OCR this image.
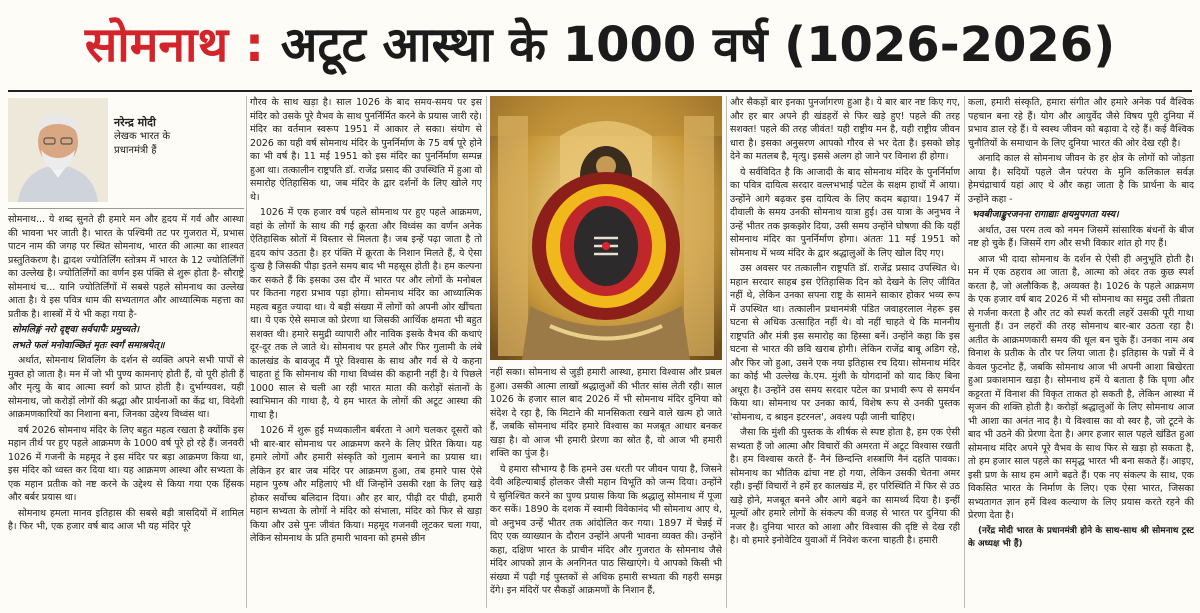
सोमनाथ : अटूट आस्था के 1000 वर्ष (1026-2026)
नरेन्द्र मोदी
लेखक भारत के
प्रधानमंत्री हैं

सोमनाथ... ये शब्द सुनते ही हमारे मन और हृदय में गर्व और आस्था की भावना भर जाती है। भारत के पश्चिमी तट पर गुजरात में, प्रभास पाटन नाम की जगह पर स्थित सोमनाथ, भारत की आत्मा का शाश्वत प्रस्तुतिकरण है। द्वादश ज्योतिर्लिंग स्तोत्रम में भारत के 12 ज्योतिर्लिंगों का उल्लेख है। ज्योतिर्लिंगों का वर्णन इस पंक्ति से शुरू होता है- सौराष्ट्रे सोमनाथं च... यानि ज्योतिर्लिंगों में सबसे पहले सोमनाथ का उल्लेख आता है। ये इस पवित्र धाम की सभ्यतागत और आध्यात्मिक महत्ता का प्रतीक है। शास्त्रों में ये भी कहा गया है-

सोमलिङ्गं नरो दृष्ट्वा सर्वपापैः प्रमुच्यते।

लभते फलं मनोवाञ्छितं मृतः स्वर्गं समाश्रयेत्॥

अर्थात, सोमनाथ शिवलिंग के दर्शन से व्यक्ति अपने सभी पापों से मुक्त हो जाता है। मन में जो भी पुण्य कामनाएं होती हैं, वो पूरी होती हैं और मृत्यु के बाद आत्मा स्वर्ग को प्राप्त होती है। दुर्भाग्यवश, यही सोमनाथ, जो करोड़ों लोगों की श्रद्धा और प्रार्थनाओं का केंद्र था, विदेशी आक्रमणकारियों का निशाना बना, जिनका उद्देश्य विध्वंस था।

वर्ष 2026 सोमनाथ मंदिर के लिए बहुत महत्व रखता है क्योंकि इस महान तीर्थ पर हुए पहले आक्रमण के 1000 वर्ष पूरे हो रहे हैं। जनवरी 1026 में गजनी के महमूद ने इस मंदिर पर बड़ा आक्रमण किया था, इस मंदिर को ध्वस्त कर दिया था। यह आक्रमण आस्था और सभ्यता के एक महान प्रतीक को नष्ट करने के उद्देश्य से किया गया एक हिंसक और बर्बर प्रयास था।

सोमनाथ हमला मानव इतिहास की सबसे बड़ी त्रासदियों में शामिल है। फिर भी, एक हजार वर्ष बाद आज भी यह मंदिर पूरे

गौरव के साथ खड़ा है। साल 1026 के बाद समय-समय पर इस मंदिर को उसके पूरे वैभव के साथ पुनर्निर्मित करने के प्रयास जारी रहे। मंदिर का वर्तमान स्वरूप 1951 में आकार ले सका। संयोग से 2026 का यही वर्ष सोमनाथ मंदिर के पुनर्निर्माण के 75 वर्ष पूरे होने का भी वर्ष है। 11 मई 1951 को इस मंदिर का पुनर्निर्माण सम्पन्न हुआ था। तत्कालीन राष्ट्रपति डॉ. राजेंद्र प्रसाद की उपस्थिति में हुआ वो समारोह ऐतिहासिक था, जब मंदिर के द्वार दर्शनों के लिए खोले गए थे।

1026 में एक हजार वर्ष पहले सोमनाथ पर हुए पहले आक्रमण, वहां के लोगों के साथ की गई क्रूरता और विध्वंस का वर्णन अनेक ऐतिहासिक स्रोतों में विस्तार से मिलता है। जब इन्हें पढ़ा जाता है तो हृदय कांप उठता है। हर पंक्ति में क्रूरता के निशान मिलते हैं, ये ऐसा दुःख है जिसकी पीड़ा इतने समय बाद भी महसूस होती है। हम कल्पना कर सकते हैं कि इसका उस दौर में भारत पर और लोगों के मनोबल पर कितना गहरा प्रभाव पड़ा होगा। सोमनाथ मंदिर का आध्यात्मिक महत्व बहुत ज्यादा था। ये बड़ी संख्या में लोगों को अपनी ओर खींचता था। ये एक ऐसे समाज को प्रेरणा था जिसकी आर्थिक क्षमता भी बहुत सशक्त थी। हमारे समुद्री व्यापारी और नाविक इसके वैभव की कथाएं दूर-दूर तक ले जाते थे। सोमनाथ पर हमले और फिर गुलामी के लंबे कालखंड के बावजूद मैं पूरे विश्वास के साथ और गर्व से ये कहना चाहता हूं कि सोमनाथ की गाथा विध्वंस की कहानी नहीं है। ये पिछले 1000 साल से चली आ रही भारत माता की करोड़ों संतानों के स्वाभिमान की गाथा है, ये हम भारत के लोगों की अटूट आस्था की गाथा है।

1026 में शुरू हुई मध्यकालीन बर्बरता ने आगे चलकर दूसरों को भी बार-बार सोमनाथ पर आक्रमण करने के लिए प्रेरित किया। यह हमारे लोगों और हमारी संस्कृति को गुलाम बनाने का प्रयास था। लेकिन हर बार जब मंदिर पर आक्रमण हुआ, तब हमारे पास ऐसे महान पुरुष और महिलाएं भी थीं जिन्होंने उसकी रक्षा के लिए खड़े होकर सर्वोच्च बलिदान दिया। और हर बार, पीढ़ी दर पीढ़ी, हमारी महान सभ्यता के लोगों ने मंदिर को संभाला, मंदिर को फिर से खड़ा किया और उसे पुनः जीवंत किया। महमूद गजनवी लूटकर चला गया, लेकिन सोमनाथ के प्रति हमारी भावना को हमसे छीन

नहीं सका। सोमनाथ से जुड़ी हमारी आस्था, हमारा विश्वास और प्रबल हुआ। उसकी आत्मा लाखों श्रद्धालुओं की भीतर सांस लेती रही। साल 1026 के हजार साल बाद 2026 में भी सोमनाथ मंदिर दुनिया को संदेश दे रहा है, कि मिटाने की मानसिकता रखने वाले खत्म हो जाते हैं, जबकि सोमनाथ मंदिर हमारे विश्वास का मजबूत आधार बनकर खड़ा है। वो आज भी हमारी प्रेरणा का स्रोत है, वो आज भी हमारी शक्ति का पुंज है।

ये हमारा सौभाग्य है कि हमने उस धरती पर जीवन पाया है, जिसने देवी अहिल्याबाई होलकर जैसी महान विभूति को जन्म दिया। उन्होंने ये सुनिश्चित करने का पुण्य प्रयास किया कि श्रद्धालु सोमनाथ में पूजा कर सकें। 1890 के दशक में स्वामी विवेकानंद भी सोमनाथ आए थे, वो अनुभव उन्हें भीतर तक आंदोलित कर गया। 1897 में चेन्नई में दिए एक व्याख्यान के दौरान उन्होंने अपनी भावना व्यक्त की। उन्होंने कहा, दक्षिण भारत के प्राचीन मंदिर और गुजरात के सोमनाथ जैसे मंदिर आपको ज्ञान के अनगिनत पाठ सिखाएंगे। ये आपको किसी भी संख्या में पढ़ी गई पुस्तकों से अधिक हमारी सभ्यता की गहरी समझ देंगे। इन मंदिरों पर सैकड़ों आक्रमणों के निशान हैं,

और सैकड़ों बार इनका पुनर्जागरण हुआ है। ये बार बार नष्ट किए गए, और हर बार अपने ही खंडहरों से फिर खड़े हुए! पहले की तरह सशक्त! पहले की तरह जीवंत! यही राष्ट्रीय मन है, यही राष्ट्रीय जीवन धारा है। इसका अनुसरण आपको गौरव से भर देता है। इसको छोड़ देने का मतलब है, मृत्यु। इससे अलग हो जाने पर विनाश ही होगा।

ये सर्वविदित है कि आजादी के बाद सोमनाथ मंदिर के पुनर्निर्माण का पवित्र दायित्व सरदार वल्लभभाई पटेल के सक्षम हाथों में आया। उन्होंने आगे बढ़कर इस दायित्व के लिए कदम बढ़ाया। 1947 में दीवाली के समय उनकी सोमनाथ यात्रा हुई। उस यात्रा के अनुभव ने उन्हें भीतर तक झकझोर दिया, उसी समय उन्होंने घोषणा की कि यहीं सोमनाथ मंदिर का पुनर्निर्माण होगा। अंततः 11 मई 1951 को सोमनाथ में भव्य मंदिर के द्वार श्रद्धालुओं के लिए खोल दिए गए।

उस अवसर पर तत्कालीन राष्ट्रपति डॉ. राजेंद्र प्रसाद उपस्थित थे। महान सरदार साहब इस ऐतिहासिक दिन को देखने के लिए जीवित नहीं थे, लेकिन उनका सपना राष्ट्र के सामने साकार होकर भव्य रूप में उपस्थित था। तत्कालीन प्रधानमंत्री पंडित जवाहरलाल नेहरू इस घटना से अधिक उत्साहित नहीं थे। वो नहीं चाहते थे कि माननीय राष्ट्रपति और मंत्री इस समारोह का हिस्सा बनें। उन्होंने कहा कि इस घटना से भारत की छवि खराब होगी। लेकिन राजेंद्र बाबू अडिग रहे, और फिर जो हुआ, उसने एक नया इतिहास रच दिया। सोमनाथ मंदिर का कोई भी उल्लेख के.एम. मुंशी के योगदानों को याद किए बिना अधूरा है। उन्होंने उस समय सरदार पटेल का प्रभावी रूप से समर्थन किया था। सोमनाथ पर उनका कार्य, विशेष रूप से उनकी पुस्तक 'सोमनाथ, द श्राइन इटरनल', अवश्य पढ़ी जानी चाहिए।

जैसा कि मुंशी की पुस्तक के शीर्षक से स्पष्ट होता है, हम एक ऐसी सभ्यता हैं जो आत्मा और विचारों की अमरता में अटूट विश्वास रखती है। हम विश्वास करते हैं- नैनं छिन्दन्ति शस्त्राणि नैनं दहति पावकः। सोमनाथ का भौतिक ढांचा नष्ट हो गया, लेकिन उसकी चेतना अमर रही। इन्हीं विचारों ने हमें हर कालखंड में, हर परिस्थिति में फिर से उठ खड़े होने, मजबूत बनने और आगे बढ़ने का सामर्थ्य दिया है। इन्हीं मूल्यों और हमारे लोगों के संकल्प की वजह से भारत पर दुनिया की नजर है। दुनिया भारत को आशा और विश्वास की दृष्टि से देख रही है। वो हमारे इनोवेटिव युवाओं में निवेश करना चाहती है। हमारी

कला, हमारी संस्कृति, हमारा संगीत और हमारे अनेक पर्व वैश्विक पहचान बना रहे हैं। योग और आयुर्वेद जैसे विषय पूरी दुनिया में प्रभाव डाल रहे हैं। ये स्वस्थ जीवन को बढ़ावा दे रहे हैं। कई वैश्विक चुनौतियों के समाधान के लिए दुनिया भारत की ओर देख रही है।

अनादि काल से सोमनाथ जीवन के हर क्षेत्र के लोगों को जोड़ता आया है। सदियों पहले जैन परंपरा के मुनि कलिकाल सर्वज्ञ हेमचंद्राचार्य यहां आए थे और कहा जाता है कि प्रार्थना के बाद उन्होंने कहा -

भवबीजाङ्कुरजनना रागाद्याः क्षयमुपगता यस्य।

अर्थात, उस परम तत्व को नमन जिसमें सांसारिक बंधनों के बीज नष्ट हो चुके हैं। जिसमें राग और सभी विकार शांत हो गए हैं।

आज भी दादा सोमनाथ के दर्शन से ऐसी ही अनुभूति होती है। मन में एक ठहराव आ जाता है, आत्मा को अंदर तक कुछ स्पर्श करता है, जो अलौकिक है, अव्यक्त है। 1026 के पहले आक्रमण के एक हजार वर्ष बाद 2026 में भी सोमनाथ का समुद्र उसी तीव्रता से गर्जना करता है और तट को स्पर्श करती लहरें उसकी पूरी गाथा सुनाती हैं। उन लहरों की तरह सोमनाथ बार-बार उठता रहा है। अतीत के आक्रमणकारी समय की धूल बन चुके हैं। उनका नाम अब विनाश के प्रतीक के तौर पर लिया जाता है। इतिहास के पन्नों में वे केवल फुटनोट हैं, जबकि सोमनाथ आज भी अपनी आशा बिखेरता हुआ प्रकाशमान खड़ा है। सोमनाथ हमें ये बताता है कि घृणा और कट्टरता में विनाश की विकृत ताकत हो सकती है, लेकिन आस्था में सृजन की शक्ति होती है। करोड़ों श्रद्धालुओं के लिए सोमनाथ आज भी आशा का अनंत नाद है। ये विश्वास का वो स्वर है, जो टूटने के बाद भी उठने की प्रेरणा देता है। अगर हजार साल पहले खंडित हुआ सोमनाथ मंदिर अपने पूरे वैभव के साथ फिर से खड़ा हो सकता है, तो हम हजार साल पहले का समृद्ध भारत भी बना सकते हैं। आइए, इसी प्रण के साथ हम आगे बढ़ते हैं। एक नए संकल्प के साथ, एक विकसित भारत के निर्माण के लिए। एक ऐसा भारत, जिसका सभ्यतागत ज्ञान हमें विश्व कल्याण के लिए प्रयास करते रहने की प्रेरणा देता है।

(नरेंद्र मोदी भारत के प्रधानमंत्री होने के साथ-साथ श्री सोमनाथ ट्रस्ट के अध्यक्ष भी हैं)
